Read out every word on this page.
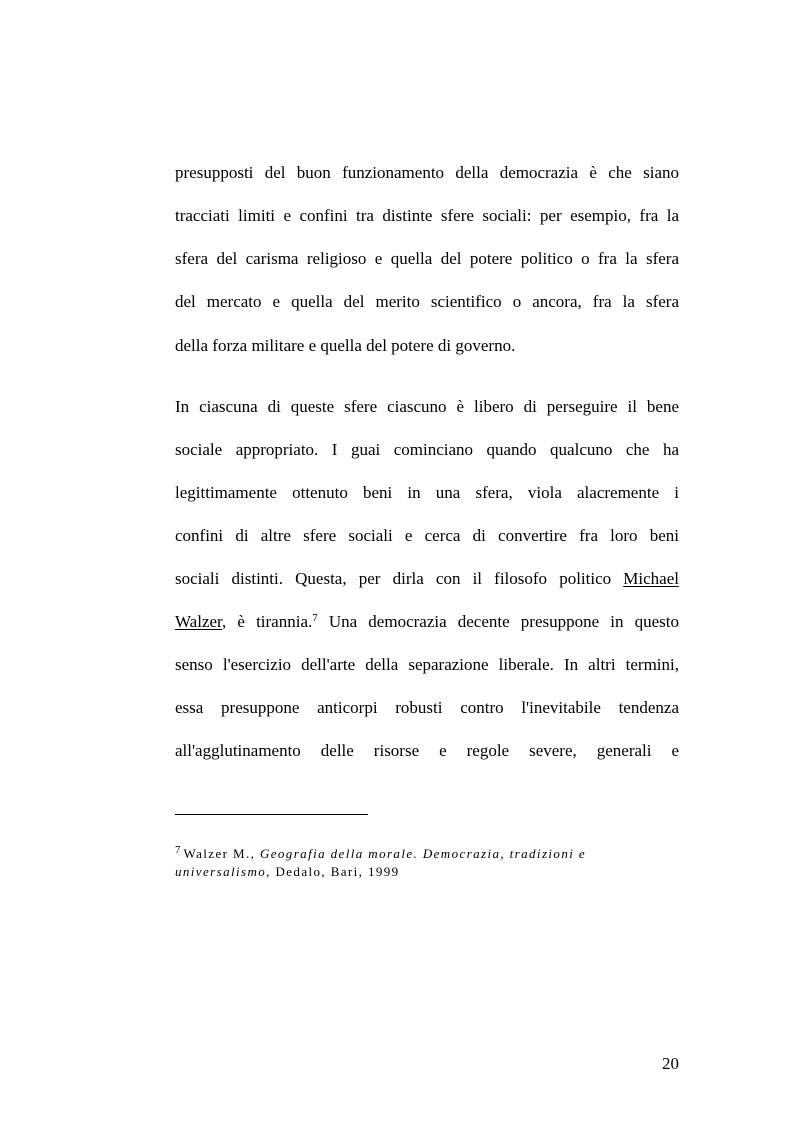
presupposti del buon funzionamento della democrazia è che siano
tracciati limiti e confini tra distinte sfere sociali: per esempio, fra la
sfera del carisma religioso e quella del potere politico o fra la sfera
del mercato e quella del merito scientifico o ancora, fra la sfera
della forza militare e quella del potere di governo.
In ciascuna di queste sfere ciascuno è libero di perseguire il bene
sociale appropriato. I guai cominciano quando qualcuno che ha
legittimamente ottenuto beni in una sfera, viola alacremente i
confini di altre sfere sociali e cerca di convertire fra loro beni
sociali distinti. Questa, per dirla con il filosofo politico Michael
Walzer, è tirannia.$^7$ Una democrazia decente presuppone in questo
senso l'esercizio dell'arte della separazione liberale. In altri termini,
essa presuppone anticorpi robusti contro l'inevitabile tendenza
all'agglutinamento delle risorse e regole severe, generali e
$^7$ Walzer M., Geografia della morale. Democrazia, tradizioni e
universalismo, Dedalo, Bari, 1999
20
